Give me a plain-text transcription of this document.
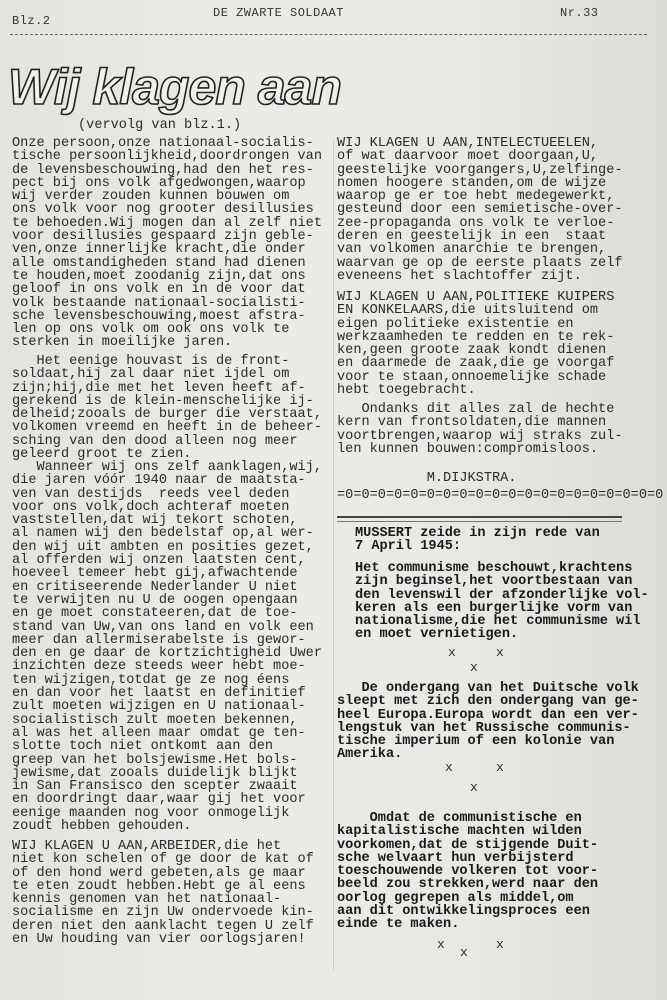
Blz.2
DE ZWARTE SOLDAAT	Nr.33
Wij klagen aan
(vervolg van blz.1.)
Onze persoon,onze nationaal-socialis-
tische persoonlijkheid,doordrongen van
de levensbeschouwing,had den het res-
pect bij ons volk afgedwongen,waarop
wij verder zouden kunnen bouwen om
ons volk voor nog grooter desillusies
te behoeden.Wij mogen dan al zelf niet
voor desillusies gespaard zijn geble-
ven,onze innerlijke kracht,die onder
alle omstandigheden stand had dienen
te houden,moet zoodanig zijn,dat ons
geloof in ons volk en in de voor dat
volk bestaande nationaal-socialisti-
sche levensbeschouwing,moest afstra-
len op ons volk om ook ons volk te
sterken in moeilijke jaren.
Het eenige houvast is de front-
soldaat,hij zal daar niet ijdel om
zijn;hij,die met het leven heeft af-
gerekend is de klein-menschelijke ij-
delheid;zooals de burger die verstaat,
volkomen vreemd en heeft in de beheer-
sching van den dood alleen nog meer
geleerd groot te zien.
Wanneer wij ons zelf aanklagen,wij,
die jaren vóór 1940 naar de maatsta-
ven van destijds  reeds veel deden
voor ons volk,doch achteraf moeten
vaststellen,dat wij tekort schoten,
al namen wij den bedelstaf op,al wer-
den wij uit ambten en posities gezet,
al offerden wij onzen laatsten cent,
hoeveel temeer hebt gij,afwachtende
en critiseerende Nederlander U niet
te verwijten nu U de oogen opengaan
en ge moet constateeren,dat de toe-
stand van Uw,van ons land en volk een
meer dan allermiserabelste is gewor-
den en ge daar de kortzichtigheid Uwer
inzichten deze steeds weer hebt moe-
ten wijzigen,totdat ge ze nog éens
en dan voor het laatst en definitief
zult moeten wijzigen en U nationaal-
socialistisch zult moeten bekennen,
al was het alleen maar omdat ge ten-
slotte toch niet ontkomt aan den
greep van het bolsjewisme.Het bols-
jewisme,dat zooals duidelijk blijkt
in San Fransisco den scepter zwaait
en doordringt daar,waar gij het voor
eenige maanden nog voor onmogelijk
zoudt hebben gehouden.
WIJ KLAGEN U AAN,ARBEIDER,die het
niet kon schelen of ge door de kat of
of den hond werd gebeten,als ge maar
te eten zoudt hebben.Hebt ge al eens
kennis genomen van het nationaal-
socialisme en zijn Uw ondervoede kin-
deren niet den aanklacht tegen U zelf
en Uw houding van vier oorlogsjaren!
WIJ KLAGEN U AAN,INTELECTUEELEN,
of wat daarvoor moet doorgaan,U,
geestelijke voorgangers,U,zelfinge-
nomen hoogere standen,om de wijze
waarop ge er toe hebt medegewerkt,
gesteund door een semietische-over-
zee-propaganda ons volk te verloe-
deren en geestelijk in een  staat
van volkomen anarchie te brengen,
waarvan ge op de eerste plaats zelf
eveneens het slachtoffer zijt.
WIJ KLAGEN U AAN,POLITIEKE KUIPERS
EN KONKELAARS,die uitsluitend om
eigen politieke existentie en
werkzaamheden te redden en te rek-
ken,geen groote zaak kondt dienen
en daarmede de zaak,die ge voorgaf
voor te staan,onnoemelijke schade
hebt toegebracht.
Ondanks dit alles zal de hechte
kern van frontsoldaten,die mannen
voortbrengen,waarop wij straks zul-
len kunnen bouwen:compromisloos.
M.DIJKSTRA.
=0=0=0=0=0=0=0=0=0=0=0=0=0=0=0=0=0=0=0=0
MUSSERT zeide in zijn rede van
7 April 1945:
Het communisme beschouwt,krachtens
zijn beginsel,het voortbestaan van
den levenswil der afzonderlijke vol-
keren als een burgerlijke vorm van
nationalisme,die het communisme wil
en moet vernietigen.
De ondergang van het Duitsche volk
sleept met zich den ondergang van ge-
heel Europa.Europa wordt dan een ver-
lengstuk van het Russische communis-
tische imperium of een kolonie van
Amerika.
Omdat de communistische en
kapitalistische machten wilden
voorkomen,dat de stijgende Duit-
sche welvaart hun verbijsterd
toeschouwende volkeren tot voor-
beeld zou strekken,werd naar den
oorlog gegrepen als middel,om
aan dit ontwikkelingsproces een
einde te maken.
x	x
x
x	x
x
x	x
x
